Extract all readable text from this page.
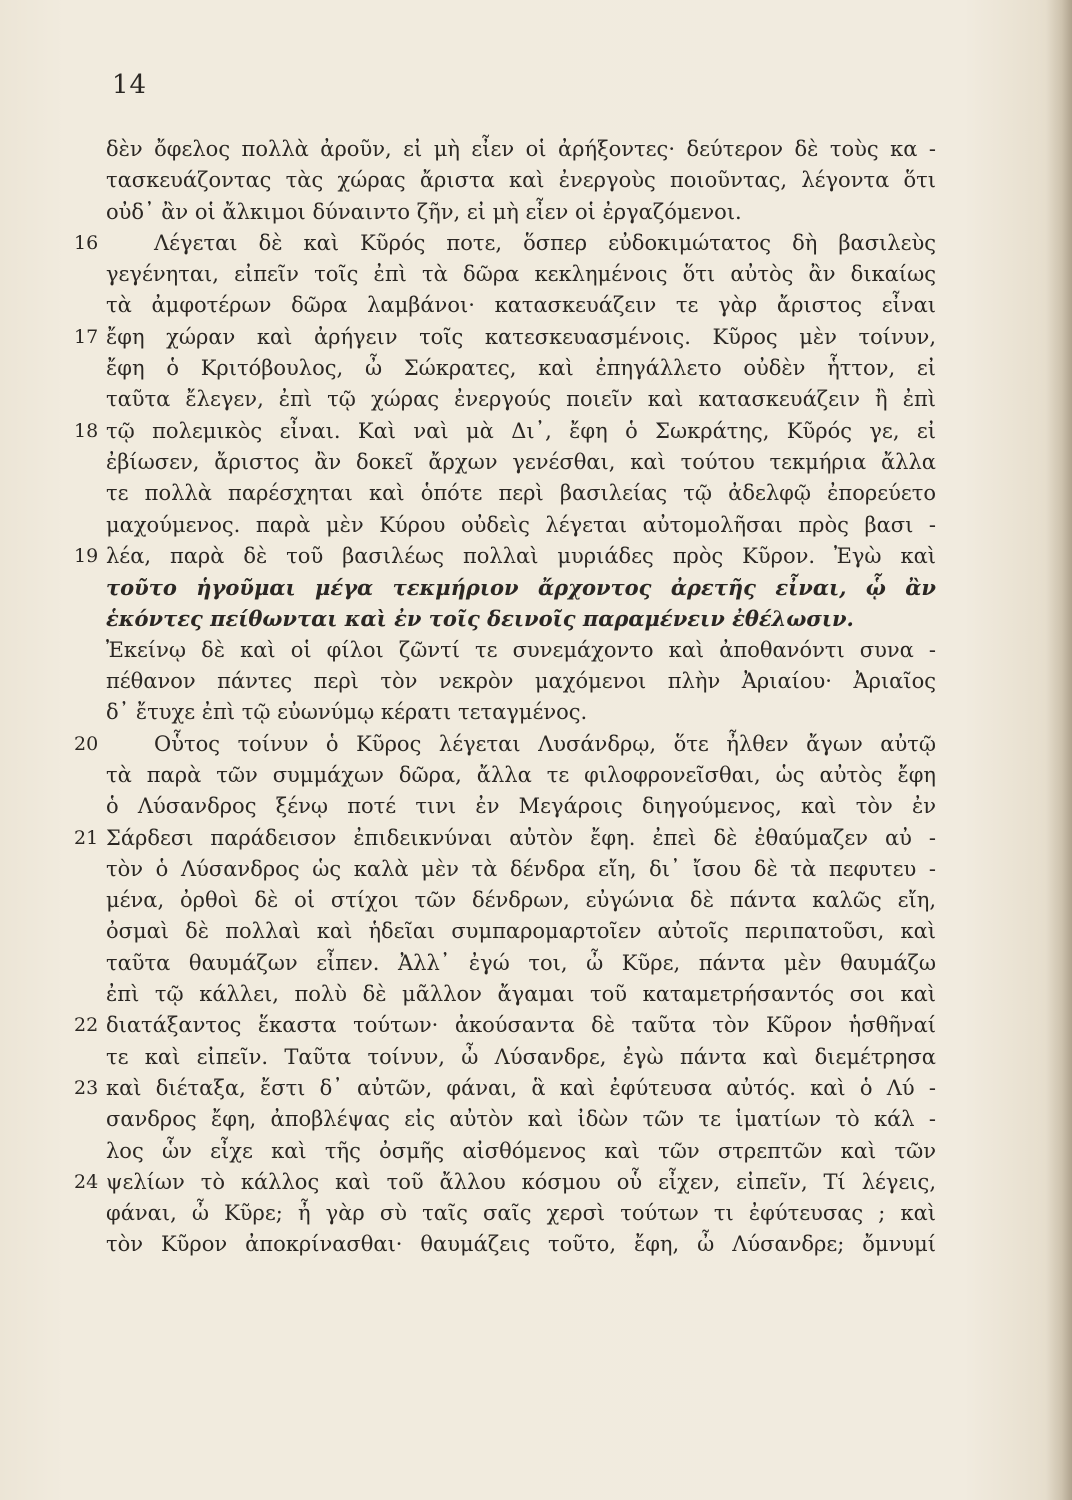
14
δὲν ὄφελος πολλὰ ἀροῦν, εἰ μὴ εἶεν οἱ ἀρήξοντες· δεύτερον δὲ τοὺς κα -
τασκευάζοντας τὰς χώρας ἄριστα καὶ ἐνεργοὺς ποιοῦντας, λέγοντα ὅτι
οὐδ᾽ ἂν οἱ ἄλκιμοι δύναιντο ζῆν, εἰ μὴ εἶεν οἱ ἐργαζόμενοι.
Λέγεται δὲ καὶ Κῦρός ποτε, ὅσπερ εὐδοκιμώτατος δὴ βασιλεὺς
γεγένηται, εἰπεῖν τοῖς ἐπὶ τὰ δῶρα κεκλημένοις ὅτι αὐτὸς ἂν δικαίως
τὰ ἀμφοτέρων δῶρα λαμβάνοι· κατασκευάζειν τε γὰρ ἄριστος εἶναι
ἔφη χώραν καὶ ἀρήγειν τοῖς κατεσκευασμένοις. Κῦρος μὲν τοίνυν,
ἔφη ὁ Κριτόβουλος, ὦ Σώκρατες, καὶ ἐπηγάλλετο οὐδὲν ἧττον, εἰ
ταῦτα ἔλεγεν, ἐπὶ τῷ χώρας ἐνεργούς ποιεῖν καὶ κατασκευάζειν ἢ ἐπὶ
τῷ πολεμικὸς εἶναι. Καὶ ναὶ μὰ Δι᾽, ἔφη ὁ Σωκράτης, Κῦρός γε, εἰ
ἐβίωσεν, ἄριστος ἂν δοκεῖ ἄρχων γενέσθαι, καὶ τούτου τεκμήρια ἄλλα
τε πολλὰ παρέσχηται καὶ ὁπότε περὶ βασιλείας τῷ ἀδελφῷ ἐπορεύετο
μαχούμενος. παρὰ μὲν Κύρου οὐδεὶς λέγεται αὐτομολῆσαι πρὸς βασι -
λέα, παρὰ δὲ τοῦ βασιλέως πολλαὶ μυριάδες πρὸς Κῦρον. Ἐγὼ καὶ
τοῦτο ἡγοῦμαι μέγα τεκμήριον ἄρχοντος ἀρετῆς εἶναι, ᾧ ἂν
ἑκόντες πείθωνται καὶ ἐν τοῖς δεινοῖς παραμένειν ἐθέλωσιν.
Ἐκείνῳ δὲ καὶ οἱ φίλοι ζῶντί τε συνεμάχοντο καὶ ἀποθανόντι συνα -
πέθανον πάντες περὶ τὸν νεκρὸν μαχόμενοι πλὴν Ἀριαίου· Ἀριαῖος
δ᾽ ἔτυχε ἐπὶ τῷ εὐωνύμῳ κέρατι τεταγμένος.
Οὗτος τοίνυν ὁ Κῦρος λέγεται Λυσάνδρῳ, ὅτε ἦλθεν ἄγων αὐτῷ
τὰ παρὰ τῶν συμμάχων δῶρα, ἄλλα τε φιλοφρονεῖσθαι, ὡς αὐτὸς ἔφη
ὁ Λύσανδρος ξένῳ ποτέ τινι ἐν Μεγάροις διηγούμενος, καὶ τὸν ἐν
Σάρδεσι παράδεισον ἐπιδεικνύναι αὐτὸν ἔφη. ἐπεὶ δὲ ἐθαύμαζεν αὐ -
τὸν ὁ Λύσανδρος ὡς καλὰ μὲν τὰ δένδρα εἴη, δι᾽ ἴσου δὲ τὰ πεφυτευ -
μένα, ὀρθοὶ δὲ οἱ στίχοι τῶν δένδρων, εὐγώνια δὲ πάντα καλῶς εἴη,
ὀσμαὶ δὲ πολλαὶ καὶ ἡδεῖαι συμπαρομαρτοῖεν αὐτοῖς περιπατοῦσι, καὶ
ταῦτα θαυμάζων εἶπεν. Ἀλλ᾽ ἐγώ τοι, ὦ Κῦρε, πάντα μὲν θαυμάζω
ἐπὶ τῷ κάλλει, πολὺ δὲ μᾶλλον ἄγαμαι τοῦ καταμετρήσαντός σοι καὶ
διατάξαντος ἕκαστα τούτων· ἀκούσαντα δὲ ταῦτα τὸν Κῦρον ἡσθῆναί
τε καὶ εἰπεῖν. Ταῦτα τοίνυν, ὦ Λύσανδρε, ἐγὼ πάντα καὶ διεμέτρησα
καὶ διέταξα, ἔστι δ᾽ αὐτῶν, φάναι, ἃ καὶ ἐφύτευσα αὐτός. καὶ ὁ Λύ -
σανδρος ἔφη, ἀποβλέψας εἰς αὐτὸν καὶ ἰδὼν τῶν τε ἱματίων τὸ κάλ -
λος ὧν εἶχε καὶ τῆς ὀσμῆς αἰσθόμενος καὶ τῶν στρεπτῶν καὶ τῶν
ψελίων τὸ κάλλος καὶ τοῦ ἄλλου κόσμου οὗ εἶχεν, εἰπεῖν, Τί λέγεις,
φάναι, ὦ Κῦρε; ἦ γὰρ σὺ ταῖς σαῖς χερσὶ τούτων τι ἐφύτευσας ; καὶ
τὸν Κῦρον ἀποκρίνασθαι· θαυμάζεις τοῦτο, ἔφη, ὦ Λύσανδρε; ὄμνυμί
16
17
18
19
20
21
22
23
24
